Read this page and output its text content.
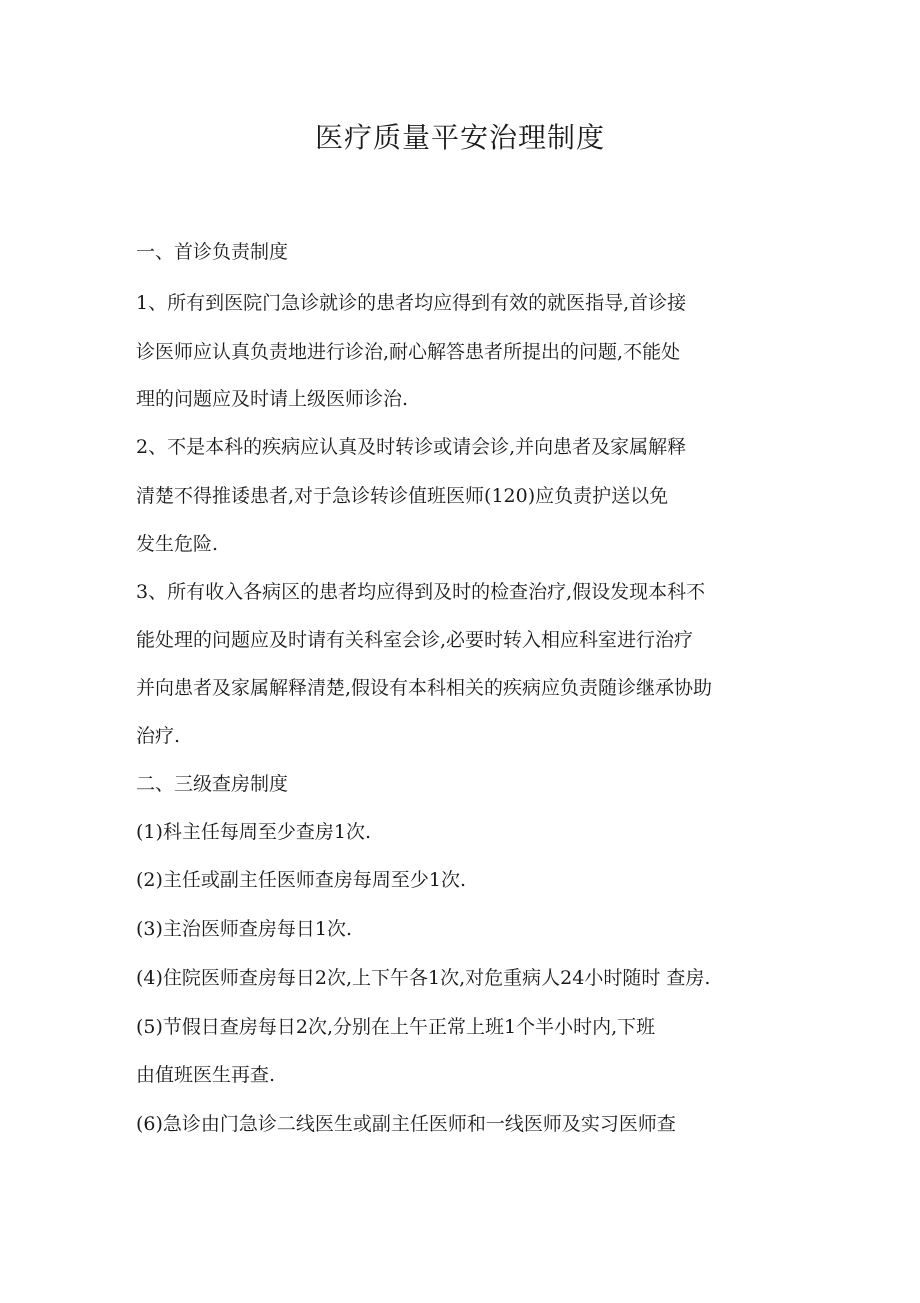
医疗质量平安治理制度

一、首诊负责制度

1、所有到医院门急诊就诊的患者均应得到有效的就医指导,首诊接

诊医师应认真负责地进行诊治,耐心解答患者所提出的问题,不能处

理的问题应及时请上级医师诊治.

2、不是本科的疾病应认真及时转诊或请会诊,并向患者及家属解释

清楚不得推诿患者,对于急诊转诊值班医师(120)应负责护送以免

发生危险.

3、所有收入各病区的患者均应得到及时的检查治疗,假设发现本科不

能处理的问题应及时请有关科室会诊,必要时转入相应科室进行治疗

并向患者及家属解释清楚,假设有本科相关的疾病应负责随诊继承协助

治疗.

二、三级查房制度

(1)科主任每周至少查房1次.

(2)主任或副主任医师查房每周至少1次.

(3)主治医师查房每日1次.

(4)住院医师查房每日2次,上下午各1次,对危重病人24小时随时 查房.

(5)节假日查房每日2次,分别在上午正常上班1个半小时内,下班

由值班医生再查.

(6)急诊由门急诊二线医生或副主任医师和一线医师及实习医师查
